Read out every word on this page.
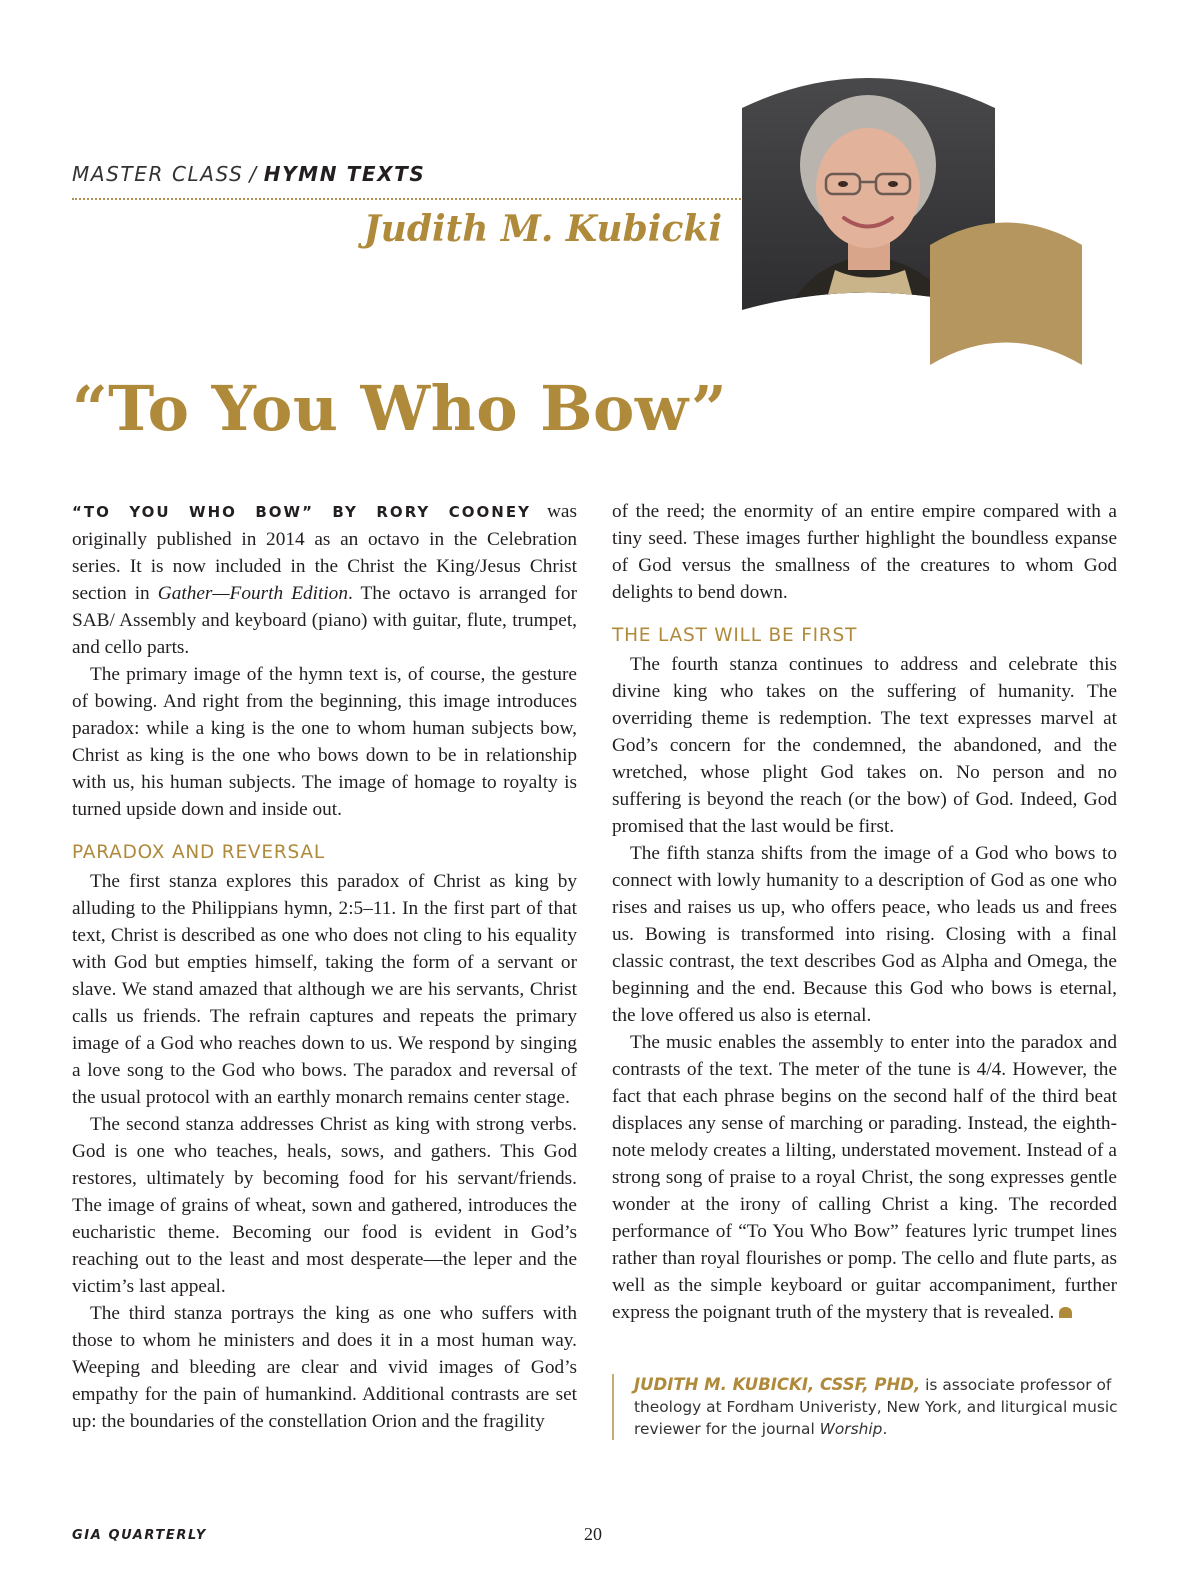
MASTER CLASS / HYMN TEXTS
Judith M. Kubicki
“To You Who Bow”

“TO YOU WHO BOW” BY RORY COONEY was originally published in 2014 as an octavo in the Celebration series. It is now included in the Christ the King/Jesus Christ section in Gather—Fourth Edition. The octavo is arranged for SAB/ Assembly and keyboard (piano) with guitar, flute, trumpet, and cello parts.

The primary image of the hymn text is, of course, the gesture of bowing. And right from the beginning, this image introduces paradox: while a king is the one to whom human subjects bow, Christ as king is the one who bows down to be in relationship with us, his human subjects. The image of homage to royalty is turned upside down and inside out.

PARADOX AND REVERSAL

The first stanza explores this paradox of Christ as king by alluding to the Philippians hymn, 2:5–11. In the first part of that text, Christ is described as one who does not cling to his equality with God but empties himself, taking the form of a servant or slave. We stand amazed that although we are his servants, Christ calls us friends. The refrain captures and repeats the primary image of a God who reaches down to us. We respond by singing a love song to the God who bows. The paradox and reversal of the usual protocol with an earthly monarch remains center stage.

The second stanza addresses Christ as king with strong verbs. God is one who teaches, heals, sows, and gathers. This God restores, ultimately by becoming food for his servant/friends. The image of grains of wheat, sown and gathered, introduces the eucharistic theme. Becoming our food is evident in God’s reaching out to the least and most desperate—the leper and the victim’s last appeal.

The third stanza portrays the king as one who suffers with those to whom he ministers and does it in a most human way. Weeping and bleeding are clear and vivid images of God’s empathy for the pain of humankind. Additional contrasts are set up: the boundaries of the constellation Orion and the fragility

of the reed; the enormity of an entire empire compared with a tiny seed. These images further highlight the boundless expanse of God versus the smallness of the creatures to whom God delights to bend down.

THE LAST WILL BE FIRST

The fourth stanza continues to address and celebrate this divine king who takes on the suffering of humanity. The overriding theme is redemption. The text expresses marvel at God’s concern for the condemned, the abandoned, and the wretched, whose plight God takes on. No person and no suffering is beyond the reach (or the bow) of God. Indeed, God promised that the last would be first.

The fifth stanza shifts from the image of a God who bows to connect with lowly humanity to a description of God as one who rises and raises us up, who offers peace, who leads us and frees us. Bowing is transformed into rising. Closing with a final classic contrast, the text describes God as Alpha and Omega, the beginning and the end. Because this God who bows is eternal, the love offered us also is eternal.

The music enables the assembly to enter into the paradox and contrasts of the text. The meter of the tune is 4/4. However, the fact that each phrase begins on the second half of the third beat displaces any sense of marching or parading. Instead, the eighth-note melody creates a lilting, understated movement. Instead of a strong song of praise to a royal Christ, the song expresses gentle wonder at the irony of calling Christ a king. The recorded performance of “To You Who Bow” features lyric trumpet lines rather than royal flourishes or pomp. The cello and flute parts, as well as the simple keyboard or guitar accompaniment, further express the poignant truth of the mystery that is revealed.

JUDITH M. KUBICKI, CSSF, PHD, is associate professor of theology at Fordham Univeristy, New York, and liturgical music reviewer for the journal Worship.
GIA QUARTERLY	20
